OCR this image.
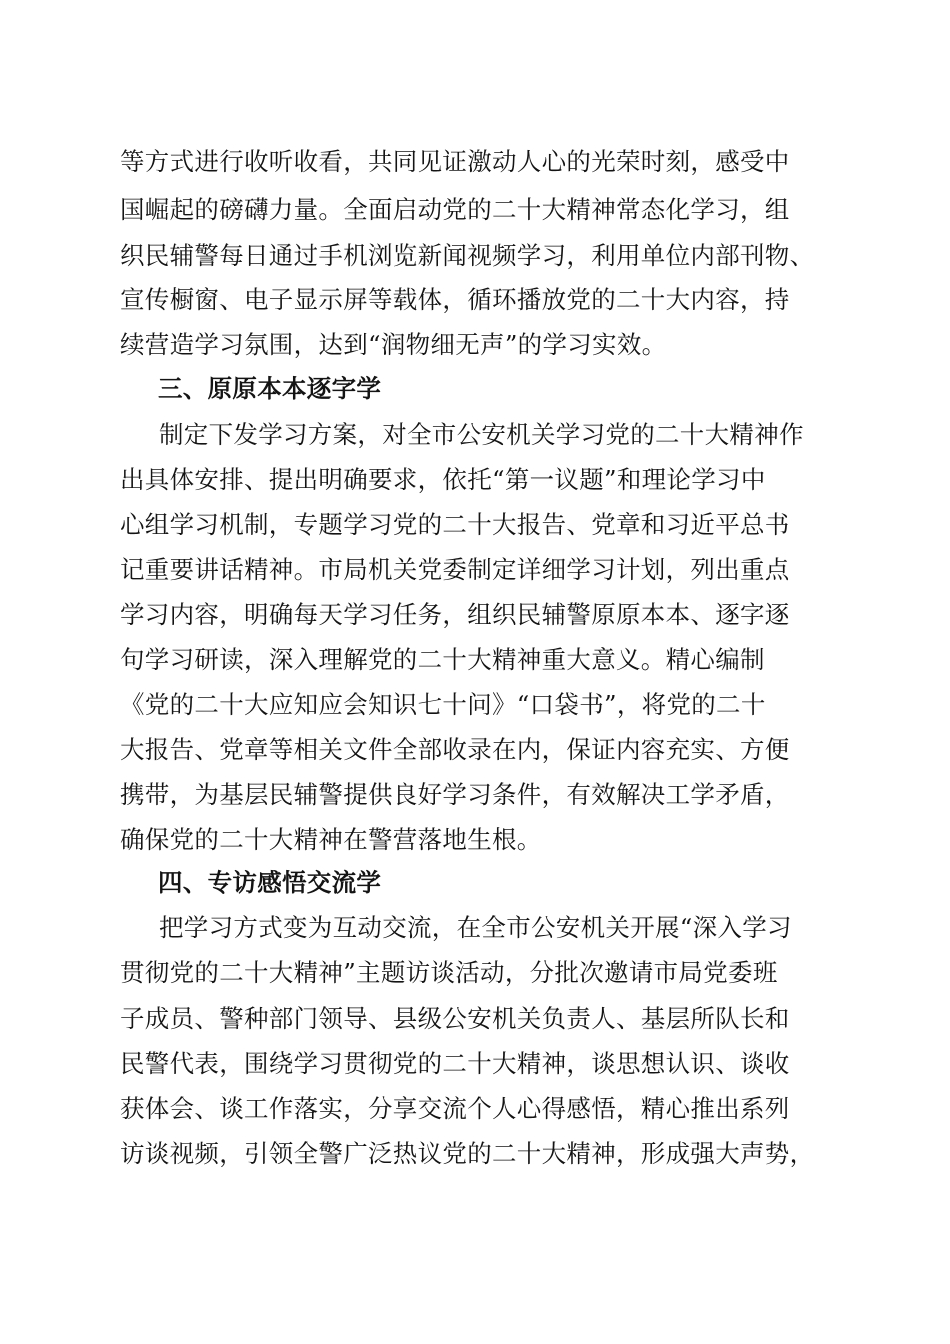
等方式进行收听收看，共同见证激动人心的光荣时刻，感受中

国崛起的磅礴力量。全面启动党的二十大精神常态化学习，组

织民辅警每日通过手机浏览新闻视频学习，利用单位内部刊物、

宣传橱窗、电子显示屏等载体，循环播放党的二十大内容，持

续营造学习氛围，达到“润物细无声”的学习实效。

三、原原本本逐字学

制定下发学习方案，对全市公安机关学习党的二十大精神作

出具体安排、提出明确要求，依托“第一议题”和理论学习中

心组学习机制，专题学习党的二十大报告、党章和习近平总书

记重要讲话精神。市局机关党委制定详细学习计划，列出重点

学习内容，明确每天学习任务，组织民辅警原原本本、逐字逐

句学习研读，深入理解党的二十大精神重大意义。精心编制

《党的二十大应知应会知识七十问》“口袋书”，将党的二十

大报告、党章等相关文件全部收录在内，保证内容充实、方便

携带，为基层民辅警提供良好学习条件，有效解决工学矛盾，

确保党的二十大精神在警营落地生根。

四、专访感悟交流学

把学习方式变为互动交流，在全市公安机关开展“深入学习

贯彻党的二十大精神”主题访谈活动，分批次邀请市局党委班

子成员、警种部门领导、县级公安机关负责人、基层所队长和

民警代表，围绕学习贯彻党的二十大精神，谈思想认识、谈收

获体会、谈工作落实，分享交流个人心得感悟，精心推出系列

访谈视频，引领全警广泛热议党的二十大精神，形成强大声势，
